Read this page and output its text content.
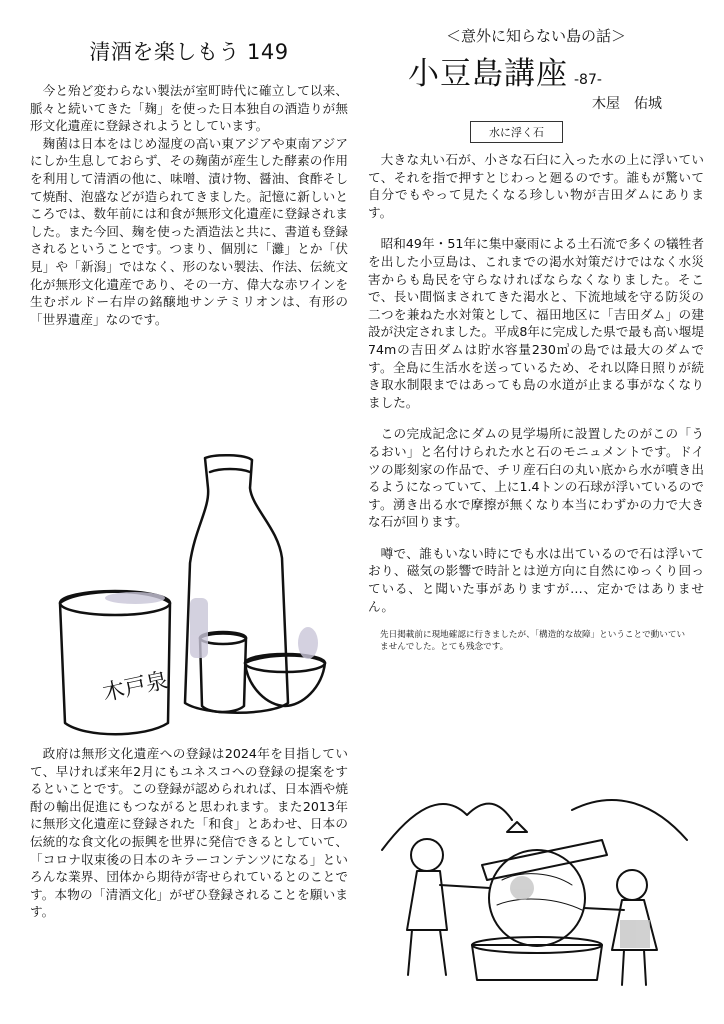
清酒を楽しもう 149

今と殆ど変わらない製法が室町時代に確立して以来、脈々と続いてきた「麹」を使った日本独自の酒造りが無形文化遺産に登録されようとしています。

麹菌は日本をはじめ湿度の高い東アジアや東南アジアにしか生息しておらず、その麹菌が産生した酵素の作用を利用して清酒の他に、味噌、漬け物、醤油、食酢そして焼酎、泡盛などが造られてきました。記憶に新しいところでは、数年前には和食が無形文化遺産に登録されました。また今回、麹を使った酒造法と共に、書道も登録されるということです。つまり、個別に「灘」とか「伏見」や「新潟」ではなく、形のない製法、作法、伝統文化が無形文化遺産であり、その一方、偉大な赤ワインを生むボルドー右岸の銘醸地サンテミリオンは、有形の「世界遺産」なのです。

木戸泉

政府は無形文化遺産への登録は2024年を目指していて、早ければ来年2月にもユネスコへの登録の提案をするといことです。この登録が認められれば、日本酒や焼酎の輸出促進にもつながると思われます。また2013年に無形文化遺産に登録された「和食」とあわせ、日本の伝統的な食文化の振興を世界に発信できるとしていて、「コロナ収束後の日本のキラーコンテンツになる」といろんな業界、団体から期待が寄せられているとのことです。本物の「清酒文化」がぜひ登録されることを願います。

＜意外に知らない島の話＞
小豆島講座 -87-
木屋　佑城
水に浮く石

大きな丸い石が、小さな石臼に入った水の上に浮いていて、それを指で押すとじわっと廻るのです。誰もが驚いて自分でもやって見たくなる珍しい物が吉田ダムにあります。

昭和49年・51年に集中豪雨による土石流で多くの犠牲者を出した小豆島は、これまでの渇水対策だけではなく水災害からも島民を守らなければならなくなりました。そこで、長い間悩まされてきた渇水と、下流地域を守る防災の二つを兼ねた水対策として、福田地区に「吉田ダム」の建設が決定されました。平成8年に完成した県で最も高い堰堤74mの吉田ダムは貯水容量230㎥の島では最大のダムです。全島に生活水を送っているため、それ以降日照りが続き取水制限まではあっても島の水道が止まる事がなくなりました。

この完成記念にダムの見学場所に設置したのがこの「うるおい」と名付けられた水と石のモニュメントです。ドイツの彫刻家の作品で、チリ産石臼の丸い底から水が噴き出るようになっていて、上に1.4トンの石球が浮いているのです。湧き出る水で摩擦が無くなり本当にわずかの力で大きな石が回ります。

噂で、誰もいない時にでも水は出ているので石は浮いており、磁気の影響で時計とは逆方向に自然にゆっくり回っている、と聞いた事がありますが…、定かではありません。

先日掲載前に現地確認に行きましたが、「構造的な故障」ということで動いていませんでした。とても残念です。
